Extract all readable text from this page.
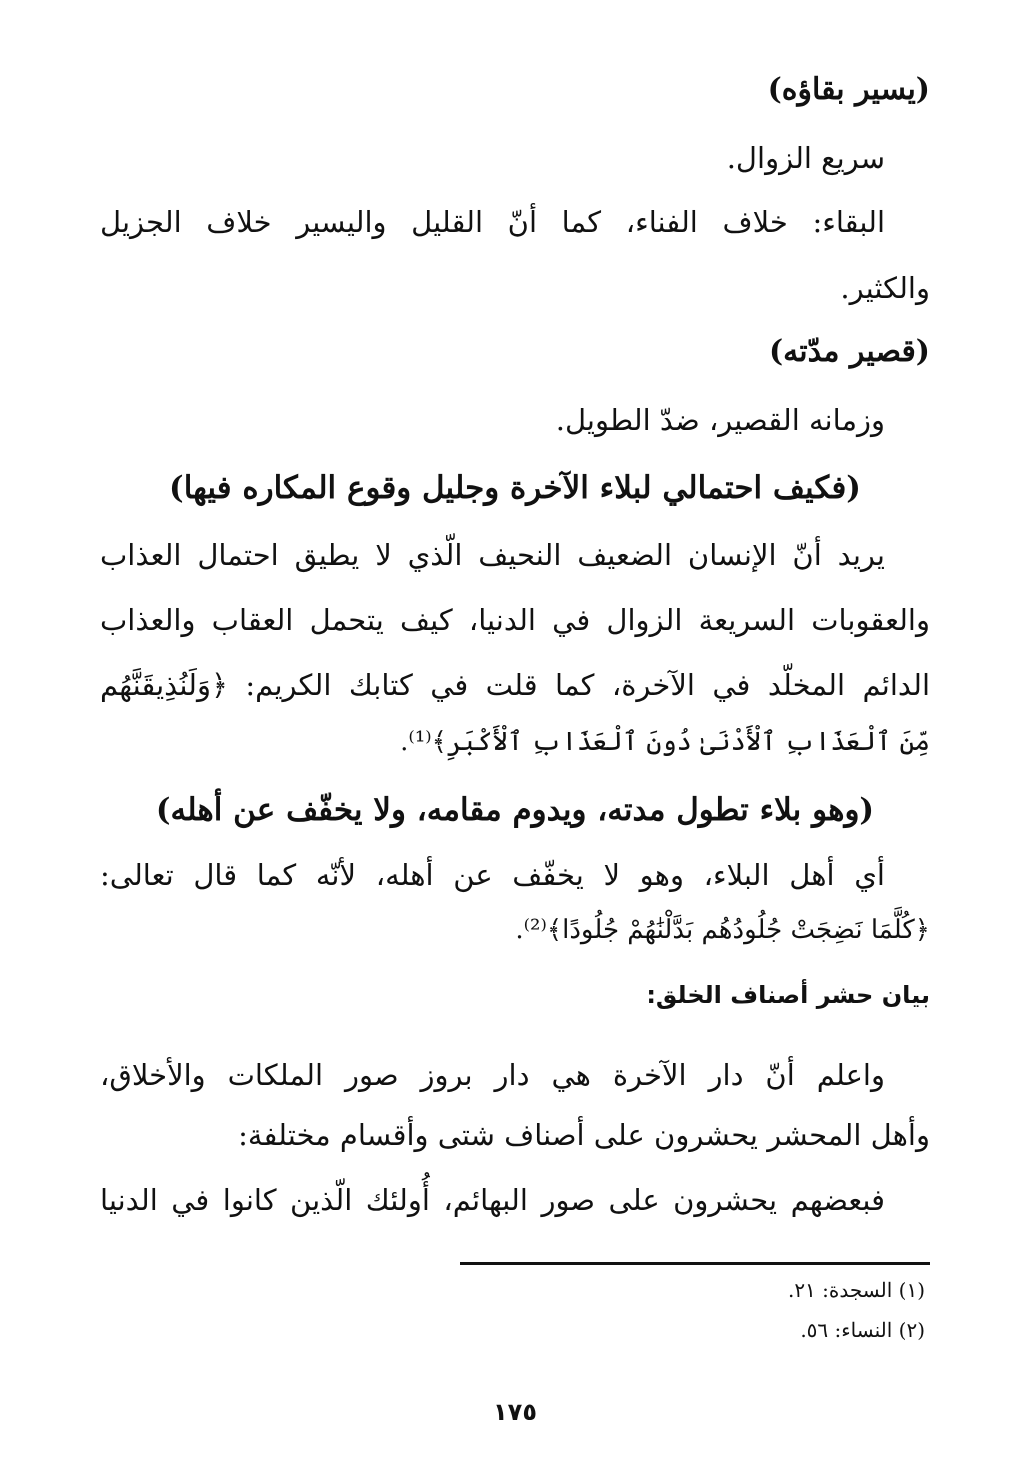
(يسير بقاؤه)
سريع الزوال.
البقاء: خلاف الفناء، كما أنّ القليل واليسير خلاف الجزيل
والكثير.
(قصير مدّته)
وزمانه القصير، ضدّ الطويل.
(فكيف احتمالي لبلاء الآخرة وجليل وقوع المكاره فيها)
يريد أنّ الإنسان الضعيف النحيف الّذي لا يطيق احتمال العذاب
والعقوبات السريعة الزوال في الدنيا، كيف يتحمل العقاب والعذاب
الدائم المخلّد في الآخرة، كما قلت في كتابك الكريم: ﴿وَلَنُذِيقَنَّهُم
مِّنَ ٱلْعَذَابِ ٱلْأَدْنَىٰ دُونَ ٱلْعَذَابِ ٱلْأَكْبَرِ﴾⁽¹⁾.
(وهو بلاء تطول مدته، ويدوم مقامه، ولا يخفّف عن أهله)
أي أهل البلاء، وهو لا يخفّف عن أهله، لأنّه كما قال تعالى:
﴿كُلَّمَا نَضِجَتْ جُلُودُهُم بَدَّلْنَٰهُمْ جُلُودًا﴾⁽²⁾.
بيان حشر أصناف الخلق:
واعلم أنّ دار الآخرة هي دار بروز صور الملكات والأخلاق،
وأهل المحشر يحشرون على أصناف شتى وأقسام مختلفة:
فبعضهم يحشرون على صور البهائم، أُولئك الّذين كانوا في الدنيا
(١) السجدة: ٢١.
(٢) النساء: ٥٦.
١٧٥
